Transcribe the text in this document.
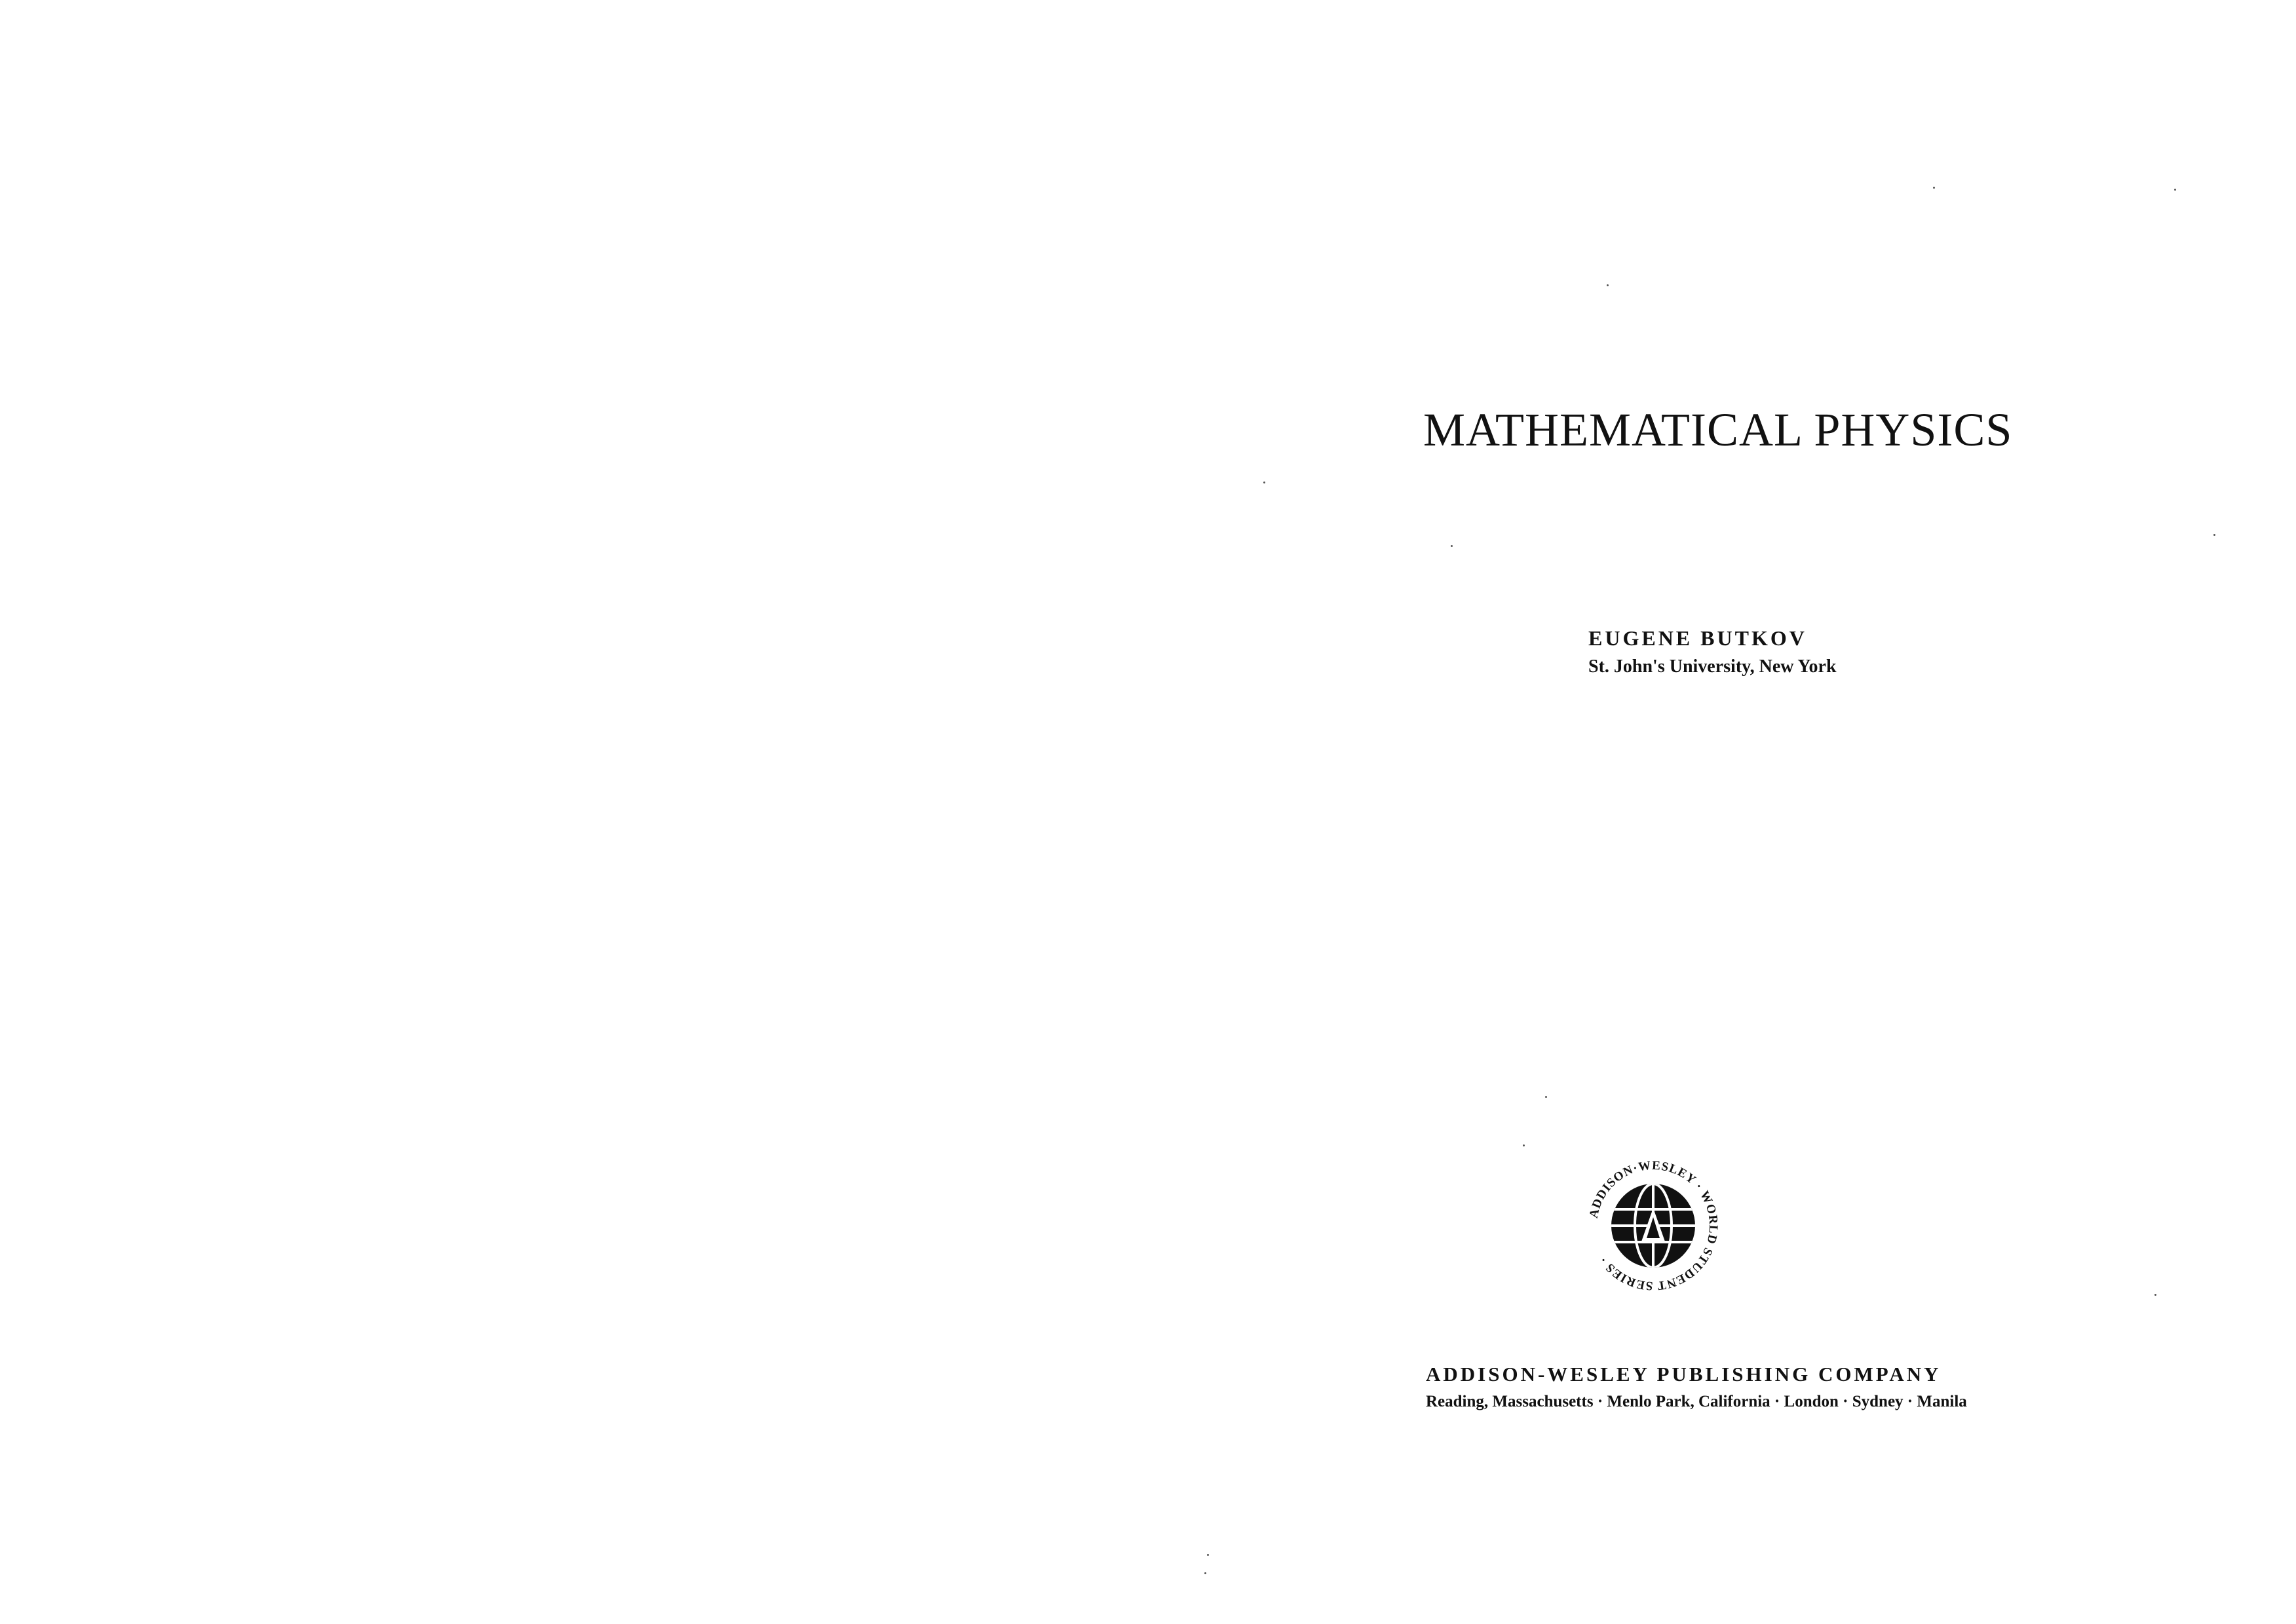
MATHEMATICAL PHYSICS
EUGENE BUTKOV
St. John's University, New York
ADDISON·WESLEY · WORLD STUDENT SERIES ·
ADDISON-WESLEY PUBLISHING COMPANY
Reading, Massachusetts · Menlo Park, California · London · Sydney · Manila
